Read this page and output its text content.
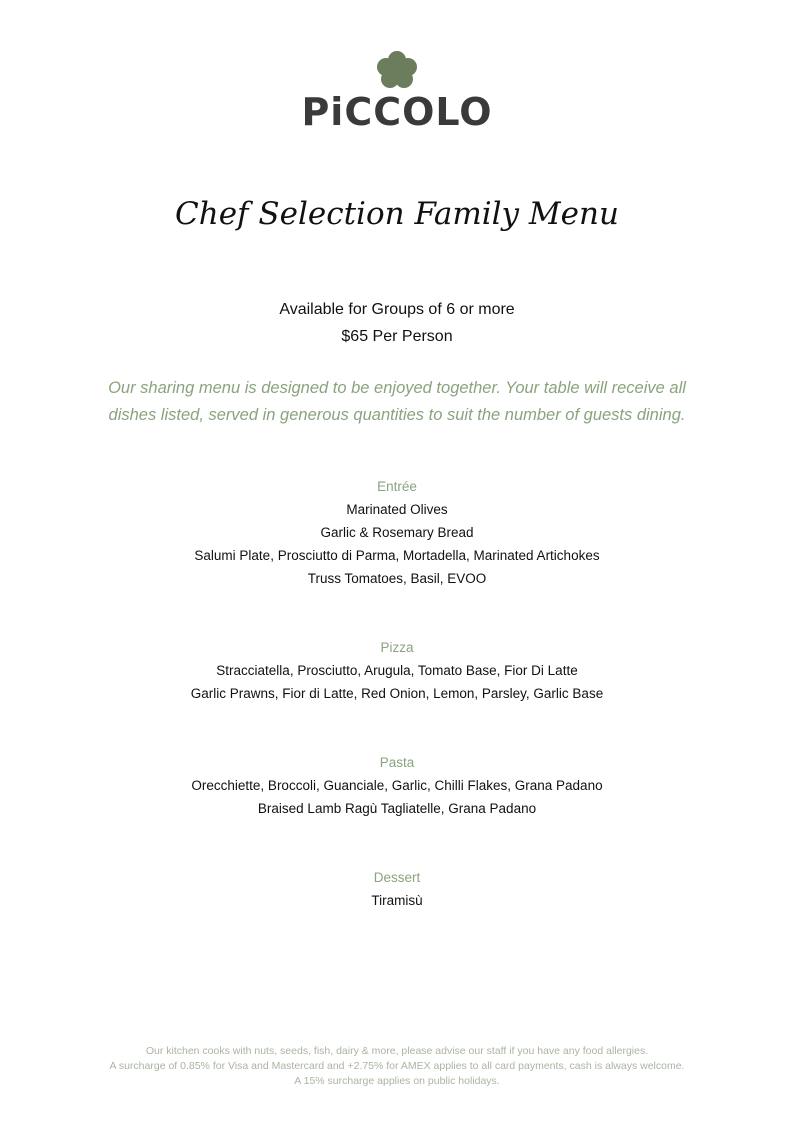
PiCCOLO
Chef Selection Family Menu
Available for Groups of 6 or more
$65 Per Person
Our sharing menu is designed to be enjoyed together. Your table will receive all
dishes listed, served in generous quantities to suit the number of guests dining.
Entrée
Marinated Olives
Garlic & Rosemary Bread
Salumi Plate, Prosciutto di Parma, Mortadella, Marinated Artichokes
Truss Tomatoes, Basil, EVOO
Pizza
Stracciatella, Prosciutto, Arugula, Tomato Base, Fior Di Latte
Garlic Prawns, Fior di Latte, Red Onion, Lemon, Parsley, Garlic Base
Pasta
Orecchiette, Broccoli, Guanciale, Garlic, Chilli Flakes, Grana Padano
Braised Lamb Ragù Tagliatelle, Grana Padano
Dessert
Tiramisù
Our kitchen cooks with nuts, seeds, fish, dairy & more, please advise our staff if you have any food allergies.
A surcharge of 0.85% for Visa and Mastercard and +2.75% for AMEX applies to all card payments, cash is always welcome.
A 15% surcharge applies on public holidays.
